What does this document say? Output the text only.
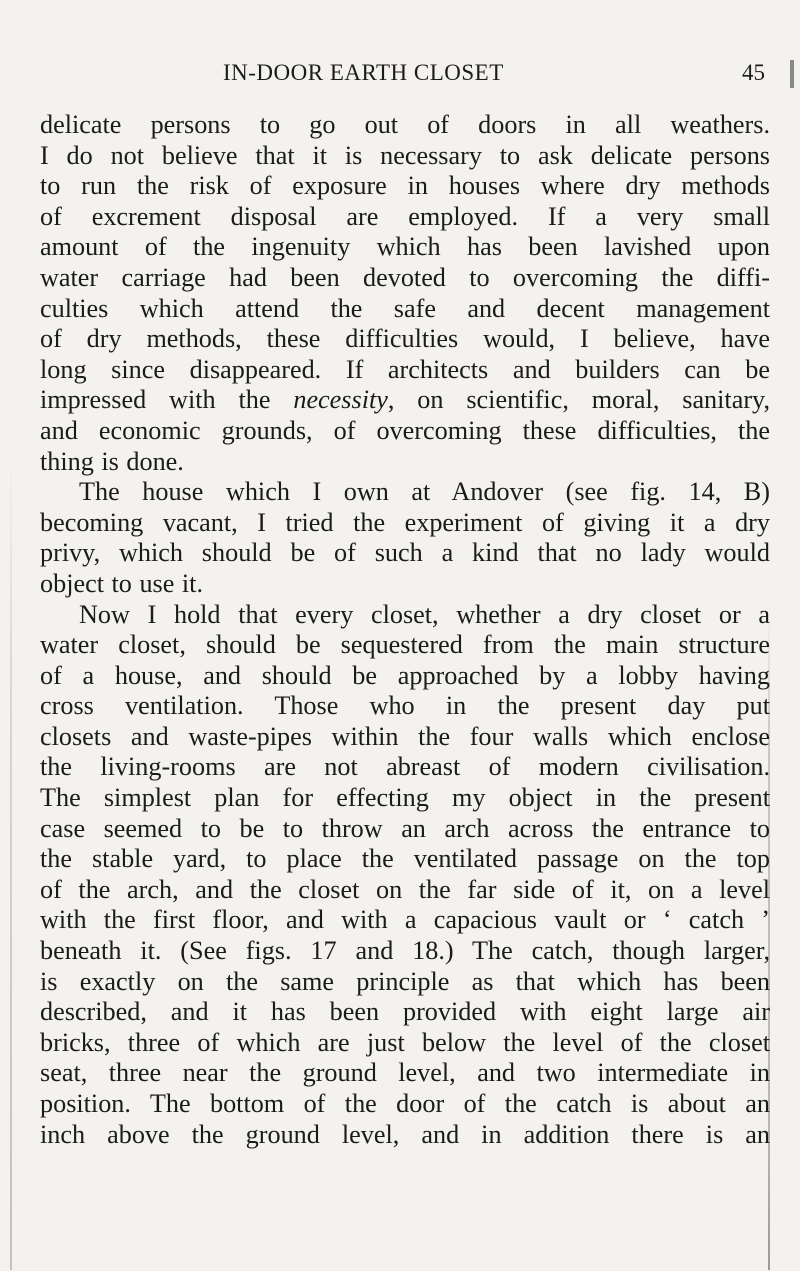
IN-DOOR EARTH CLOSET	45
delicate persons to go out of doors in all weathers.
I do not believe that it is necessary to ask delicate persons
to run the risk of exposure in houses where dry methods
of excrement disposal are employed. If a very small
amount of the ingenuity which has been lavished upon
water carriage had been devoted to overcoming the diffi-
culties which attend the safe and decent management
of dry methods, these difficulties would, I believe, have
long since disappeared. If architects and builders can be
impressed with the necessity, on scientific, moral, sanitary,
and economic grounds, of overcoming these difficulties, the
thing is done.
The house which I own at Andover (see fig. 14, B)
becoming vacant, I tried the experiment of giving it a dry
privy, which should be of such a kind that no lady would
object to use it.
Now I hold that every closet, whether a dry closet or a
water closet, should be sequestered from the main structure
of a house, and should be approached by a lobby having
cross ventilation. Those who in the present day put
closets and waste-pipes within the four walls which enclose
the living-rooms are not abreast of modern civilisation.
The simplest plan for effecting my object in the present
case seemed to be to throw an arch across the entrance to
the stable yard, to place the ventilated passage on the top
of the arch, and the closet on the far side of it, on a level
with the first floor, and with a capacious vault or ‘ catch ’
beneath it. (See figs. 17 and 18.) The catch, though larger,
is exactly on the same principle as that which has been
described, and it has been provided with eight large air
bricks, three of which are just below the level of the closet
seat, three near the ground level, and two intermediate in
position. The bottom of the door of the catch is about an
inch above the ground level, and in addition there is an
